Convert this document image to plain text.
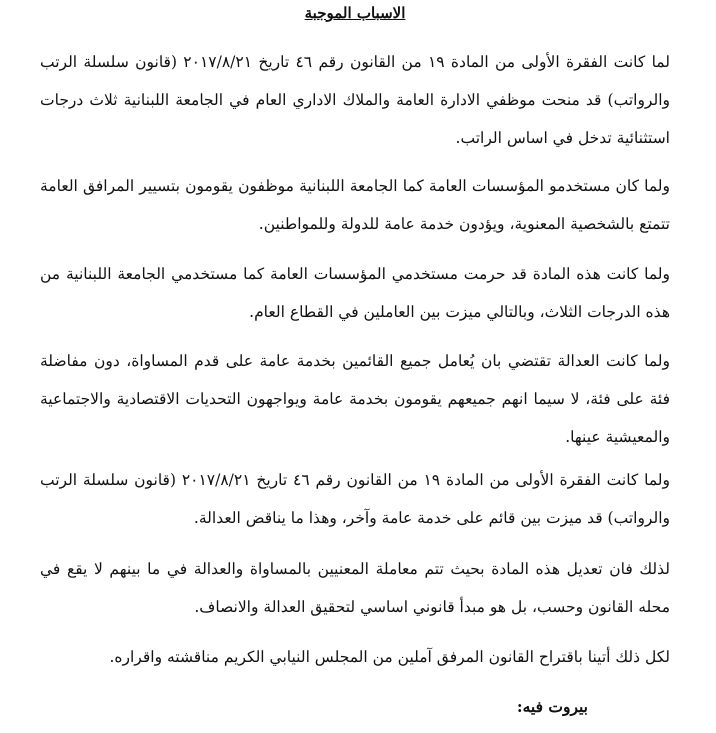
الاسباب الموجبة

لما كانت الفقرة الأولى من المادة ١٩ من القانون رقم ٤٦ تاريخ ٢٠١٧/٨/٢١ (قانون سلسلة الرتب والرواتب) قد منحت موظفي الادارة العامة والملاك الاداري العام في الجامعة اللبنانية ثلاث درجات استثنائية تدخل في اساس الراتب.

ولما كان مستخدمو المؤسسات العامة كما الجامعة اللبنانية موظفون يقومون بتسيير المرافق العامة تتمتع بالشخصية المعنوية، ويؤدون خدمة عامة للدولة وللمواطنين.

ولما كانت هذه المادة قد حرمت مستخدمي المؤسسات العامة كما مستخدمي الجامعة اللبنانية من هذه الدرجات الثلاث، وبالتالي ميزت بين العاملين في القطاع العام.

ولما كانت العدالة تقتضي بان يُعامل جميع القائمين بخدمة عامة على قدم المساواة، دون مفاضلة فئة على فئة، لا سيما انهم جميعهم يقومون بخدمة عامة ويواجهون التحديات الاقتصادية والاجتماعية والمعيشية عينها.

ولما كانت الفقرة الأولى من المادة ١٩ من القانون رقم ٤٦ تاريخ ٢٠١٧/٨/٢١ (قانون سلسلة الرتب والرواتب) قد ميزت بين قائم على خدمة عامة وآخر، وهذا ما يناقض العدالة.

لذلك فان تعديل هذه المادة بحيث تتم معاملة المعنيين بالمساواة والعدالة في ما بينهم لا يقع في محله القانون وحسب، بل هو مبدأ قانوني اساسي لتحقيق العدالة والانصاف.

لكل ذلك أتينا باقتراح القانون المرفق آملين من المجلس النيابي الكريم مناقشته واقراره.

بيروت فيه:
